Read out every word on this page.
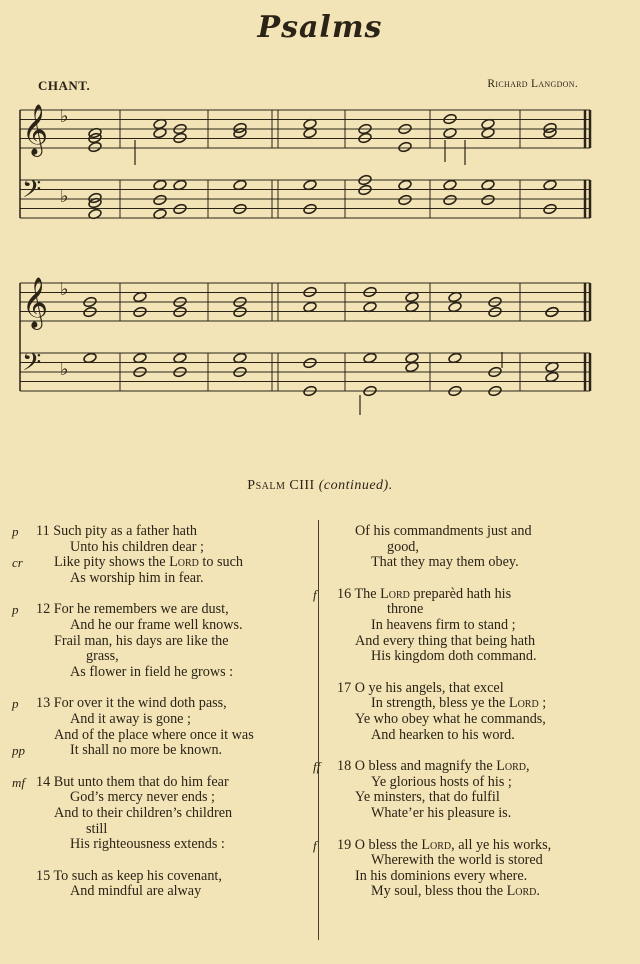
Psalms
CHANT.	Richard Langdon.
𝄞 ♭
𝄢 ♭
𝄞 ♭
𝄢 ♭
Psalm CIII (continued).
p 11 Such pity as a father hath
Unto his children dear ;
cr Like pity shows the Lord to such
As worship him in fear.
p 12 For he remembers we are dust,
And he our frame well knows.
Frail man, his days are like the
grass,
As flower in field he grows :
p 13 For over it the wind doth pass,
And it away is gone ;
And of the place where once it was
pp	It shall no more be known.
mf 14 But unto them that do him fear
God’s mercy never ends ;
And to their children’s children
still
His righteousness extends :
15 To such as keep his covenant,
And mindful are alway
Of his commandments just and
good,
That they may them obey.
f 16 The Lord preparèd hath his
throne
In heavens firm to stand ;
And every thing that being hath
His kingdom doth command.
17 O ye his angels, that excel
In strength, bless ye the Lord ;
Ye who obey what he commands,
And hearken to his word.
ff 18 O bless and magnify the Lord,
Ye glorious hosts of his ;
Ye minsters, that do fulfil
Whate’er his pleasure is.
f 19 O bless the Lord, all ye his works,
Wherewith the world is stored
In his dominions every where.
My soul, bless thou the Lord.
